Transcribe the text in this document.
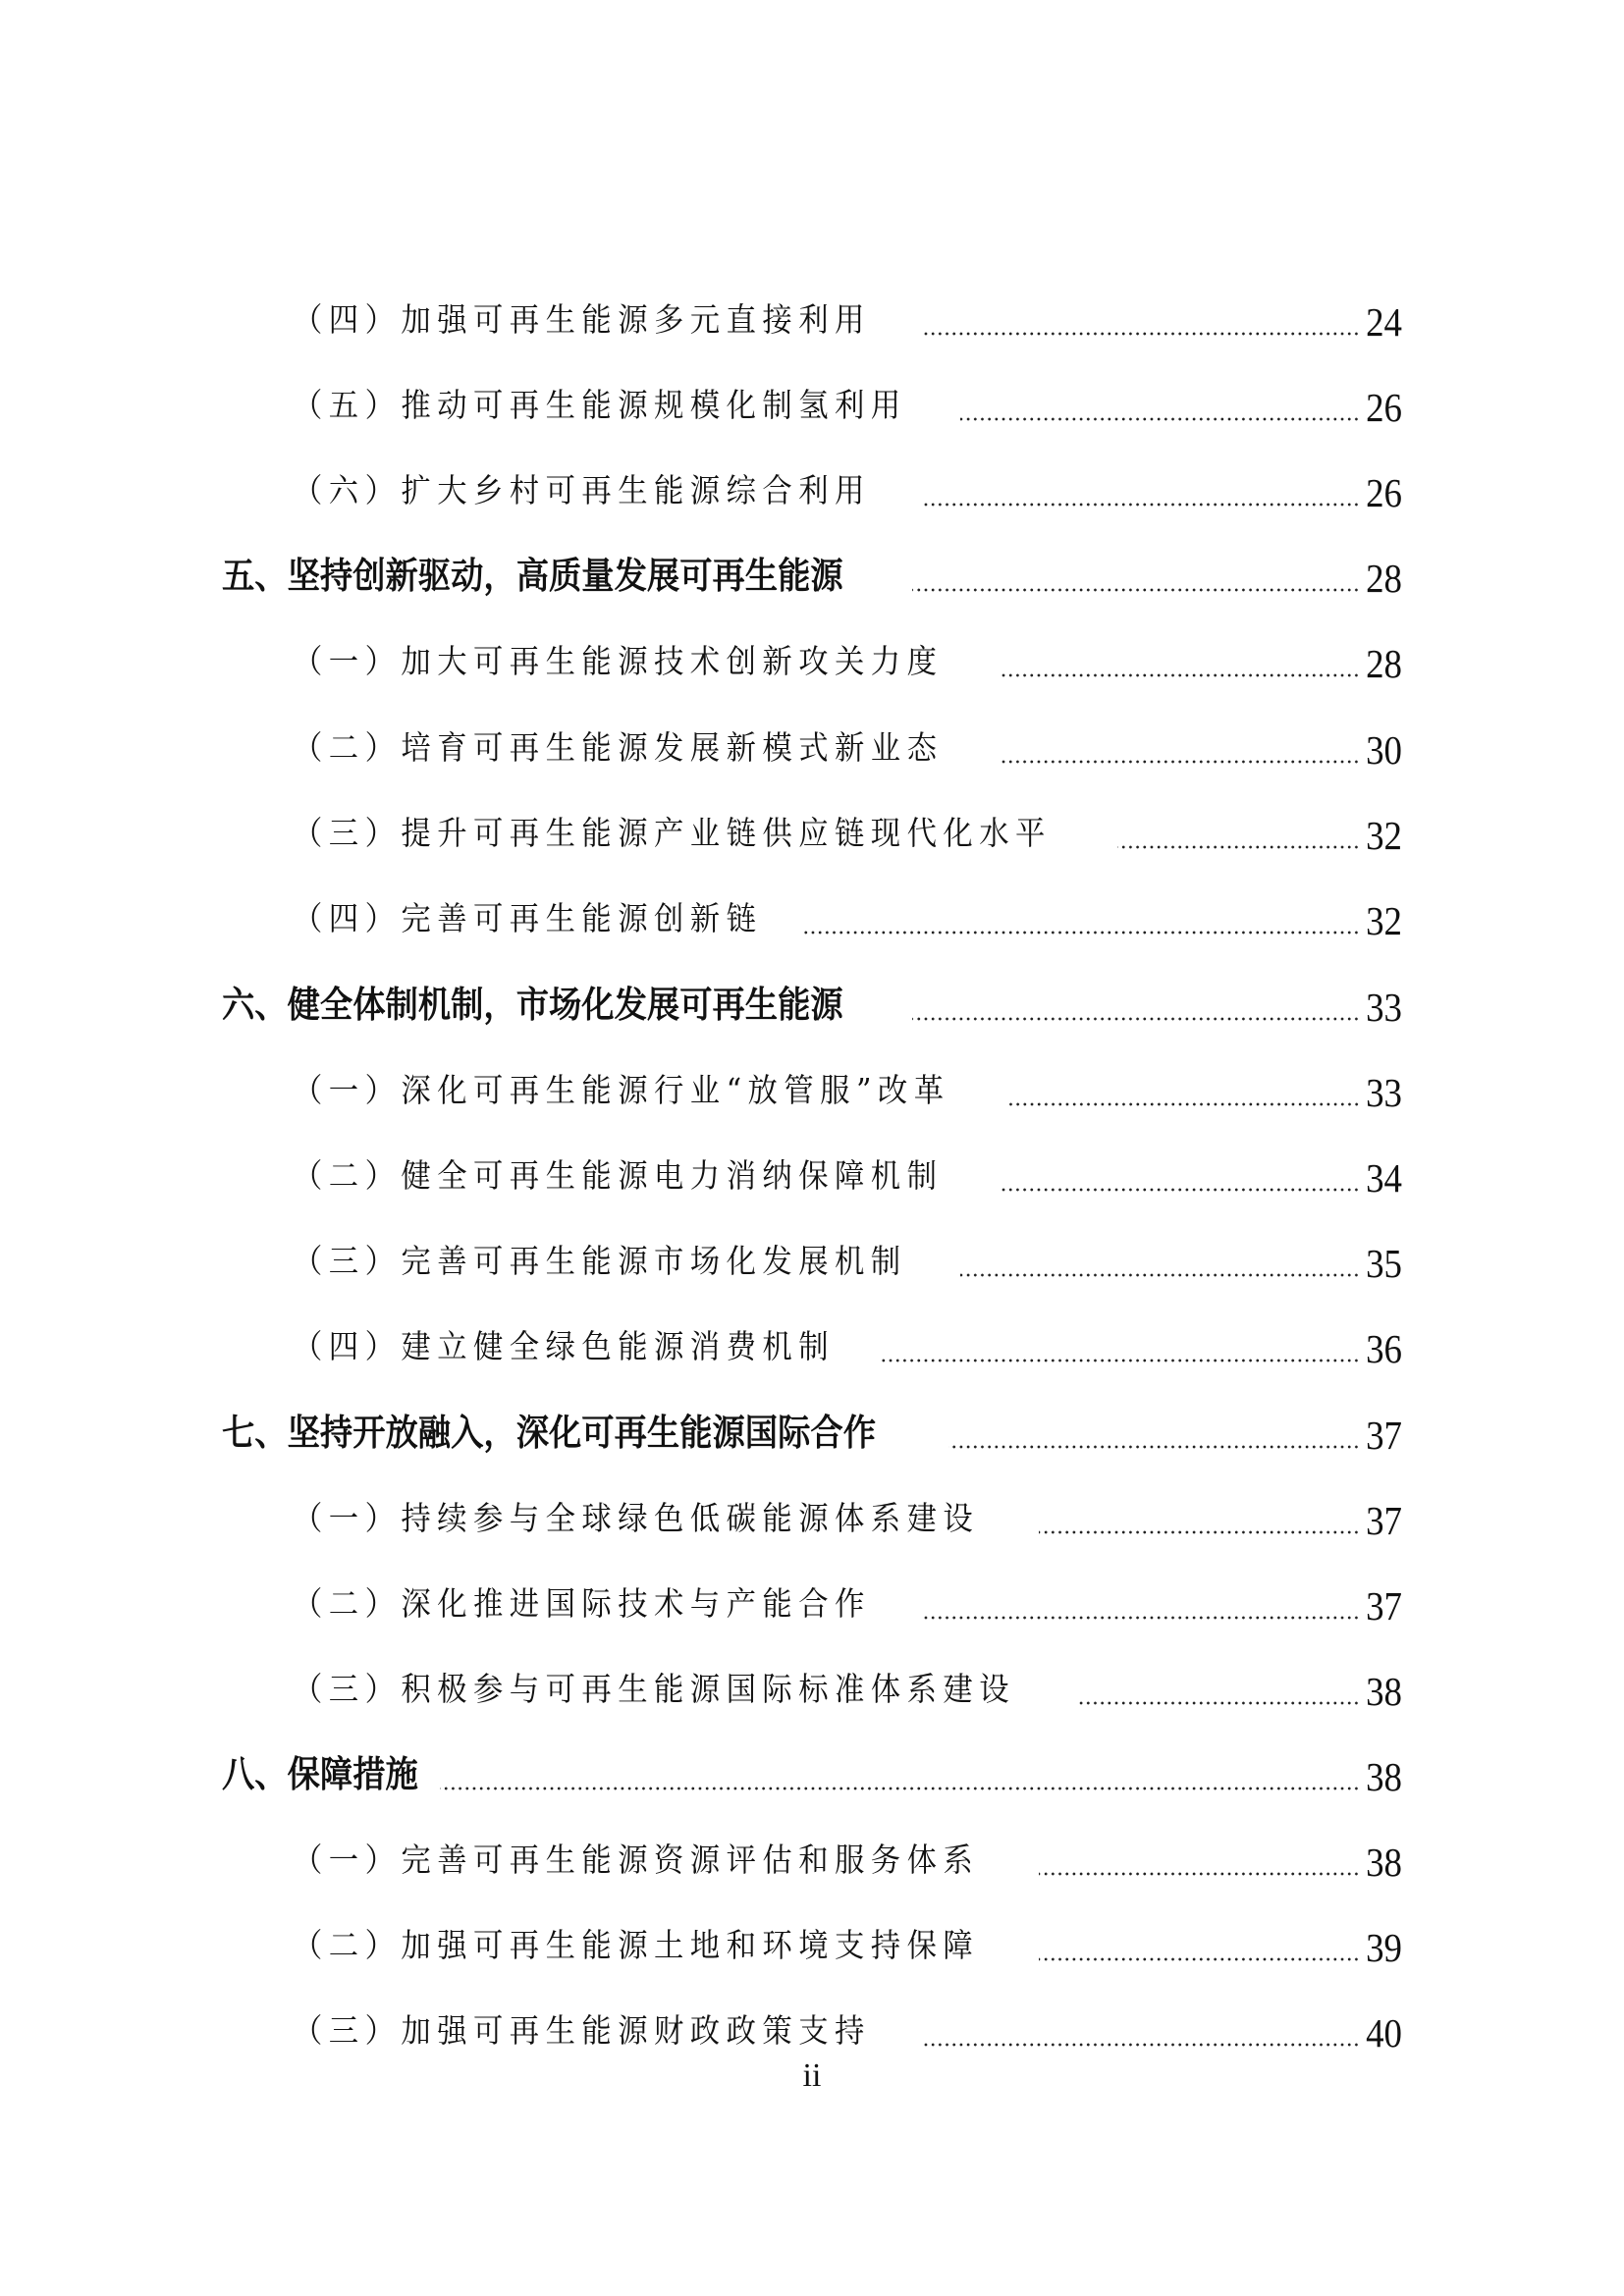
（四）加强可再生能源多元直接利用	24
（五）推动可再生能源规模化制氢利用	26
（六）扩大乡村可再生能源综合利用	26
五、坚持创新驱动，高质量发展可再生能源	28
（一）加大可再生能源技术创新攻关力度	28
（二）培育可再生能源发展新模式新业态	30
（三）提升可再生能源产业链供应链现代化水平	32
（四）完善可再生能源创新链	32
六、健全体制机制，市场化发展可再生能源	33
（一）深化可再生能源行业“放管服”改革	33
（二）健全可再生能源电力消纳保障机制	34
（三）完善可再生能源市场化发展机制	35
（四）建立健全绿色能源消费机制	36
七、坚持开放融入，深化可再生能源国际合作	37
（一）持续参与全球绿色低碳能源体系建设	37
（二）深化推进国际技术与产能合作	37
（三）积极参与可再生能源国际标准体系建设	38
八、保障措施	38
（一）完善可再生能源资源评估和服务体系	38
（二）加强可再生能源土地和环境支持保障	39
（三）加强可再生能源财政政策支持	40
ii
